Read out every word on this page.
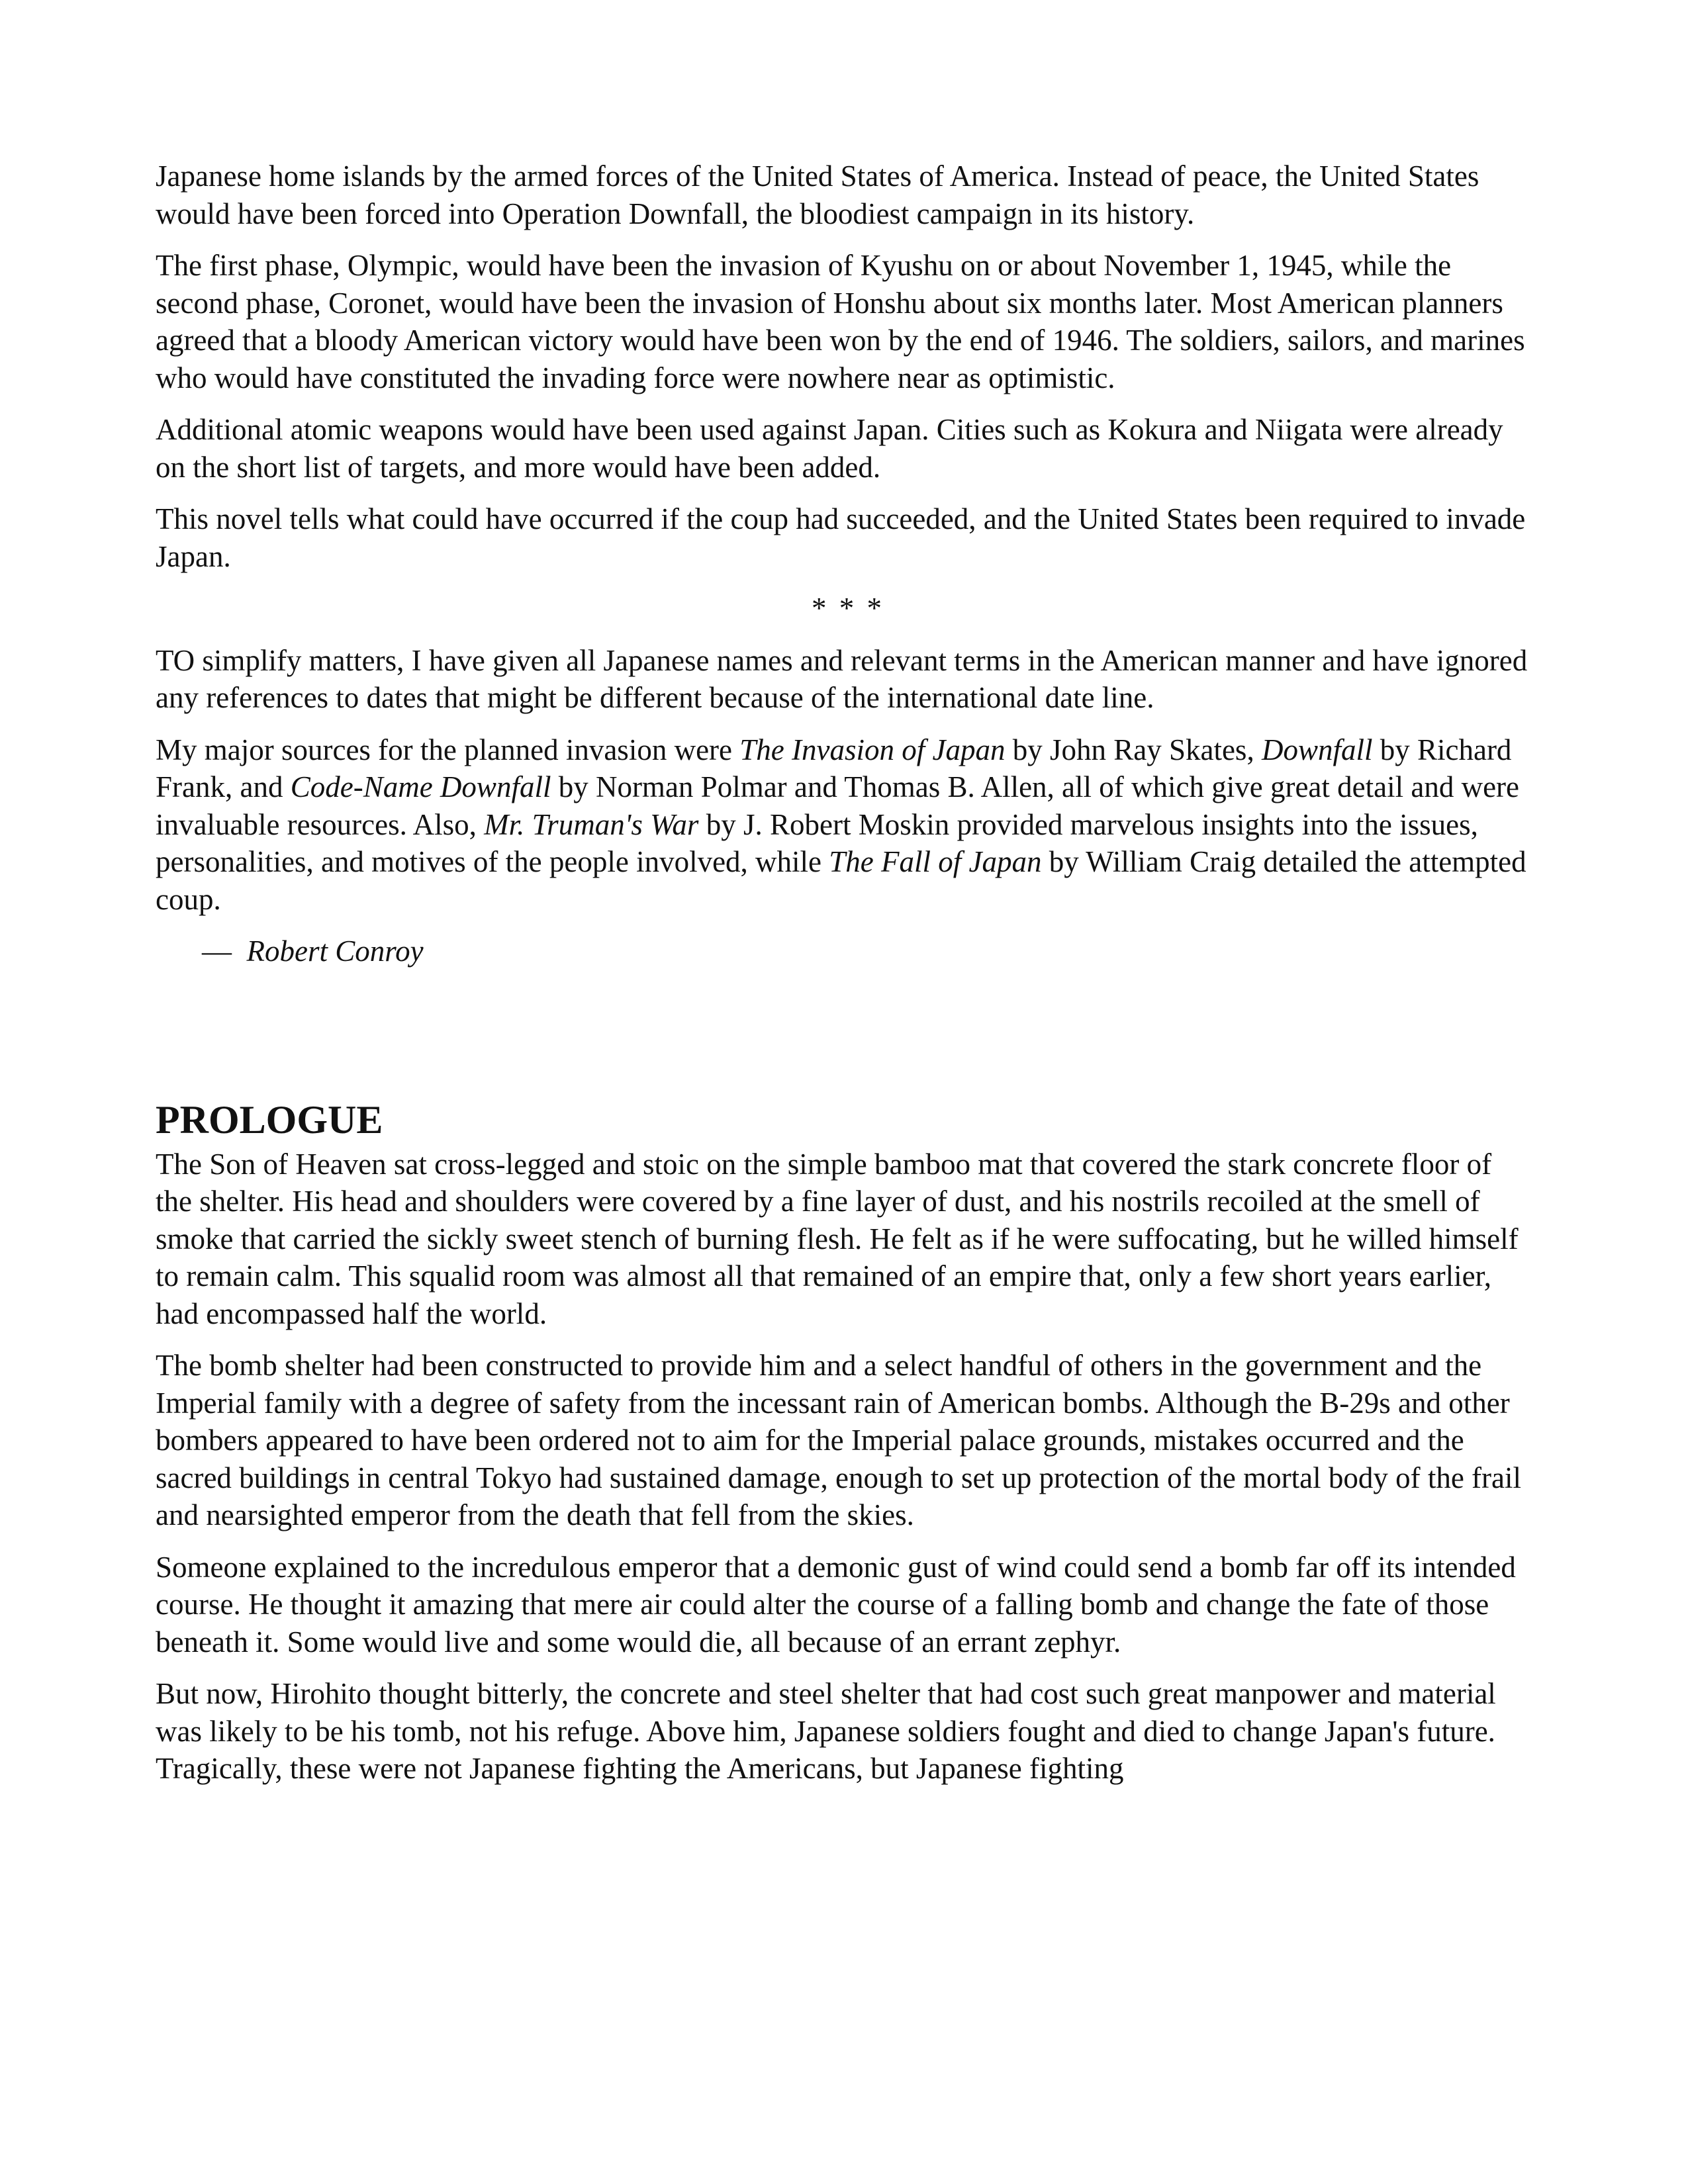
Japanese home islands by the armed forces of the United States of America. Instead of peace, the United States would have been forced into Operation Downfall, the bloodiest campaign in its history.

The first phase, Olympic, would have been the invasion of Kyushu on or about November 1, 1945, while the second phase, Coronet, would have been the invasion of Honshu about six months later. Most American planners agreed that a bloody American victory would have been won by the end of 1946. The soldiers, sailors, and marines who would have constituted the invading force were nowhere near as optimistic.

Additional atomic weapons would have been used against Japan. Cities such as Kokura and Niigata were already on the short list of targets, and more would have been added.

This novel tells what could have occurred if the coup had succeeded, and the United States been required to invade Japan.

* * *

TO simplify matters, I have given all Japanese names and relevant terms in the American manner and have ignored any references to dates that might be different because of the international date line.

My major sources for the planned invasion were The Invasion of Japan by John Ray Skates, Downfall by Richard Frank, and Code-Name Downfall by Norman Polmar and Thomas B. Allen, all of which give great detail and were invaluable resources. Also, Mr. Truman's War by J. Robert Moskin provided marvelous insights into the issues, personalities, and motives of the people involved, while The Fall of Japan by William Craig detailed the attempted coup.

— Robert Conroy

PROLOGUE

The Son of Heaven sat cross-legged and stoic on the simple bamboo mat that covered the stark concrete floor of the shelter. His head and shoulders were covered by a fine layer of dust, and his nostrils recoiled at the smell of smoke that carried the sickly sweet stench of burning flesh. He felt as if he were suffocating, but he willed himself to remain calm. This squalid room was almost all that remained of an empire that, only a few short years earlier, had encompassed half the world.

The bomb shelter had been constructed to provide him and a select handful of others in the government and the Imperial family with a degree of safety from the incessant rain of American bombs. Although the B-29s and other bombers appeared to have been ordered not to aim for the Imperial palace grounds, mistakes occurred and the sacred buildings in central Tokyo had sustained damage, enough to set up protection of the mortal body of the frail and nearsighted emperor from the death that fell from the skies.

Someone explained to the incredulous emperor that a demonic gust of wind could send a bomb far off its intended course. He thought it amazing that mere air could alter the course of a falling bomb and change the fate of those beneath it. Some would live and some would die, all because of an errant zephyr.

But now, Hirohito thought bitterly, the concrete and steel shelter that had cost such great manpower and material was likely to be his tomb, not his refuge. Above him, Japanese soldiers fought and died to change Japan's future. Tragically, these were not Japanese fighting the Americans, but Japanese fighting
